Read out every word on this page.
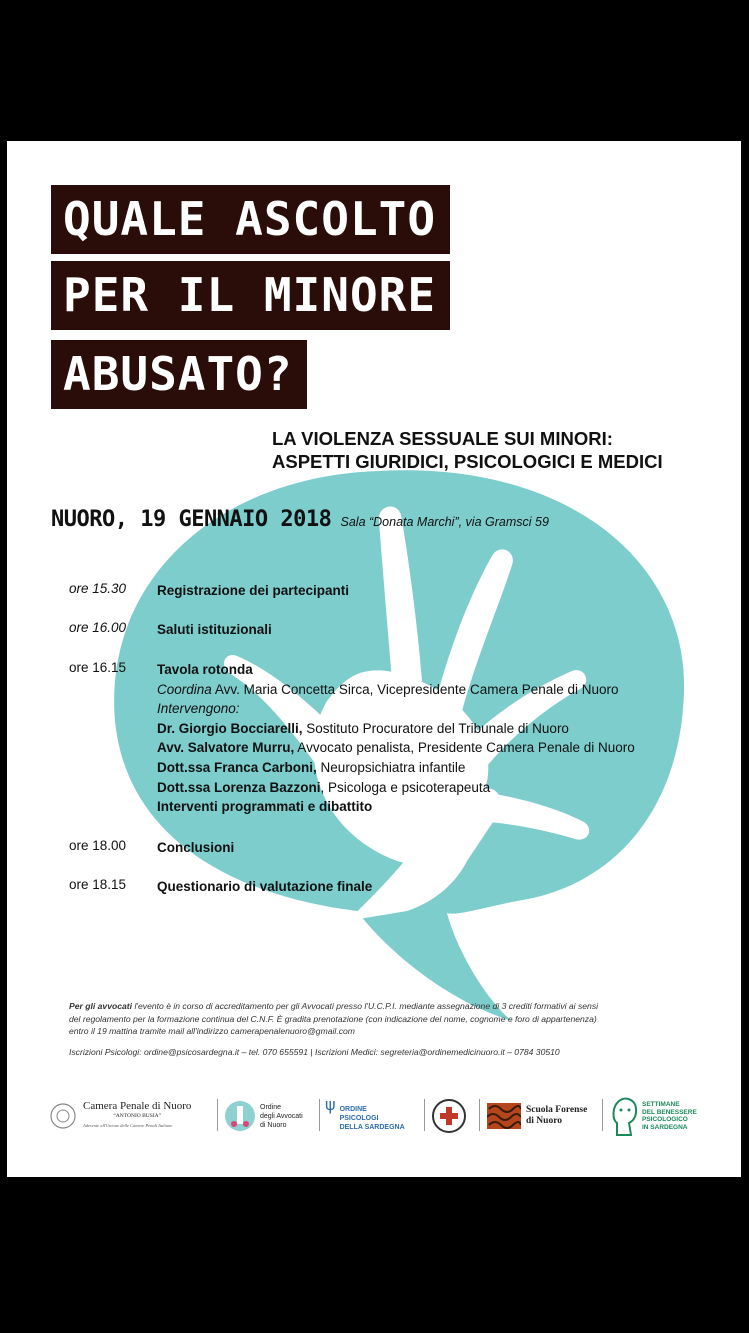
QUALE ASCOLTO
PER IL MINORE
ABUSATO?
LA VIOLENZA SESSUALE SUI MINORI:
ASPETTI GIURIDICI, PSICOLOGICI E MEDICI
NUORO, 19 GENNAIO 2018 Sala “Donata Marchi”, via Gramsci 59
ore 15.30	Registrazione dei partecipanti
ore 16.00	Saluti istituzionali
ore 16.15	Tavola rotonda
Coordina Avv. Maria Concetta Sirca, Vicepresidente Camera Penale di Nuoro
Intervengono:
Dr. Giorgio Bocciarelli, Sostituto Procuratore del Tribunale di Nuoro
Avv. Salvatore Murru, Avvocato penalista, Presidente Camera Penale di Nuoro
Dott.ssa Franca Carboni, Neuropsichiatra infantile
Dott.ssa Lorenza Bazzoni, Psicologa e psicoterapeuta
Interventi programmati e dibattito
ore 18.00	Conclusioni
ore 18.15	Questionario di valutazione finale
Per gli avvocati l'evento è in corso di accreditamento per gli Avvocati presso l'U.C.P.I. mediante assegnazione di 3 crediti formativi ai sensi
del regolamento per la formazione continua del C.N.F. È gradita prenotazione (con indicazione del nome, cognome e foro di appartenenza)
entro il 19 mattina tramite mail all'indirizzo camerapenalenuoro@gmail.com
Iscrizioni Psicologi: ordine@psicosardegna.it – tel. 070 655591 | Iscrizioni Medici: segreteria@ordinemedicinuoro.it – 0784 30510
Camera Penale di Nuoro
“ANTONIO BUSIA”
Aderente all'Unione delle Camere Penali Italiane
Ordine
degli Avvocati
di Nuoro
ψ ORDINE
PSICOLOGI
DELLA SARDEGNA
Scuola Forense
di Nuoro
SETTIMANE
DEL BENESSERE
PSICOLOGICO
IN SARDEGNA
